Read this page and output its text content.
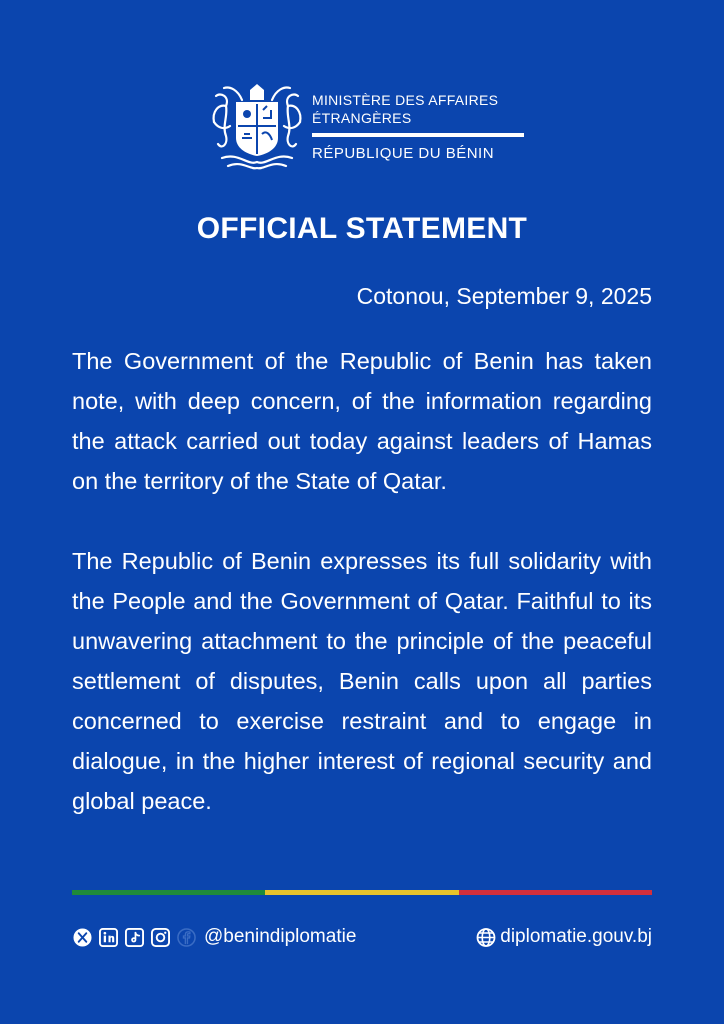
MINISTÈRE DES AFFAIRES
ÉTRANGÈRES
RÉPUBLIQUE DU BÉNIN
OFFICIAL STATEMENT
Cotonou, September 9, 2025

The Government of the Republic of Benin has taken note, with deep concern, of the information regarding the attack carried out today against leaders of Hamas on the territory of the State of Qatar.

The Republic of Benin expresses its full solidarity with the People and the Government of Qatar. Faithful to its unwavering attachment to the principle of the peaceful settlement of disputes, Benin calls upon all parties concerned to exercise restraint and to engage in dialogue, in the higher interest of regional security and global peace.

@benindiplomatie	diplomatie.gouv.bj
